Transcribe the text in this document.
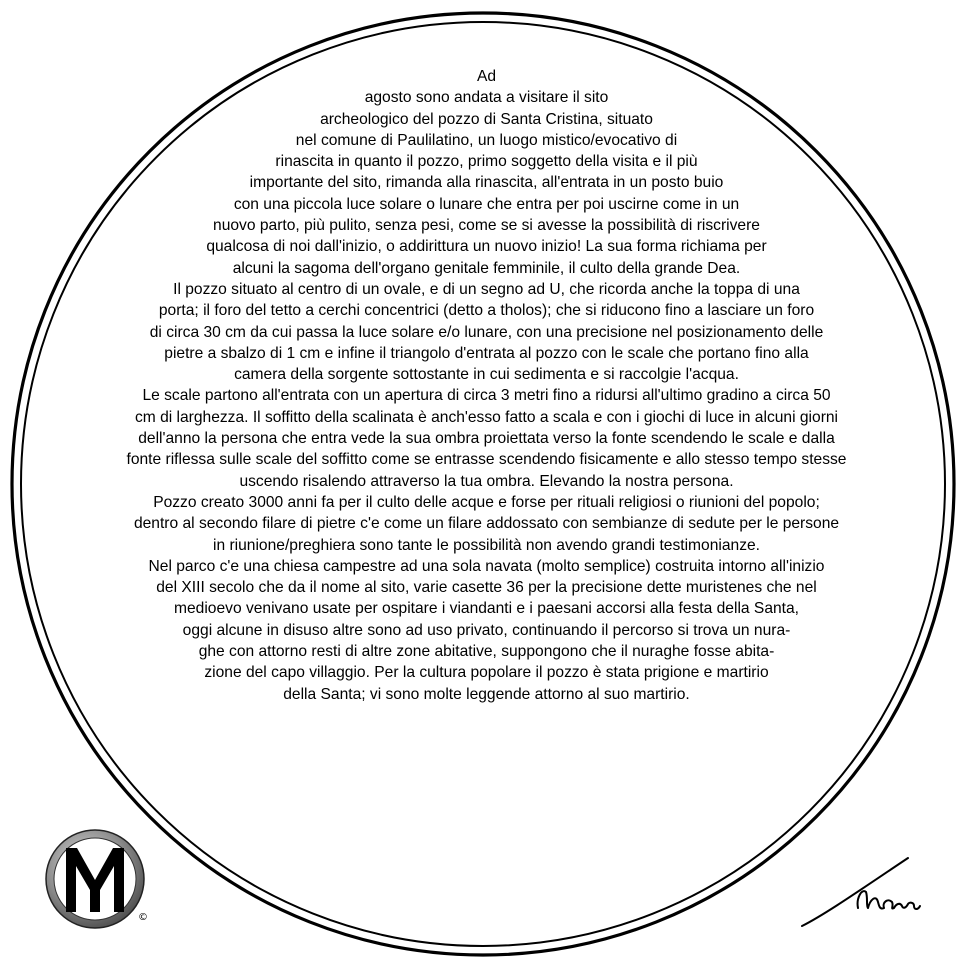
Ad
agosto sono andata a visitare il sito
archeologico del pozzo di Santa Cristina, situato
nel comune di Paulilatino, un luogo mistico/evocativo di
rinascita in quanto il pozzo, primo soggetto della visita e il più
importante del sito, rimanda alla rinascita, all'entrata in un posto buio
con una piccola luce solare o lunare che entra per poi uscirne come in un
nuovo parto, più pulito, senza pesi, come se si avesse la possibilità di riscrivere
qualcosa di noi dall'inizio, o addirittura un nuovo inizio! La sua forma richiama per
alcuni la sagoma dell'organo genitale femminile, il culto della grande Dea.
Il pozzo situato al centro di un ovale, e di un segno ad U, che ricorda anche la toppa di una
porta; il foro del tetto a cerchi concentrici (detto a tholos); che si riducono fino a lasciare un foro
di circa 30 cm da cui passa la luce solare e/o lunare, con una precisione nel posizionamento delle
pietre a sbalzo di 1 cm e infine il triangolo d'entrata al pozzo con le scale che portano fino alla
camera della sorgente sottostante in cui sedimenta e si raccolgie l'acqua.
Le scale partono all'entrata con un apertura di circa 3 metri fino a ridursi all'ultimo gradino a circa 50
cm di larghezza. Il soffitto della scalinata è anch'esso fatto a scala e con i giochi di luce in alcuni giorni
dell'anno la persona che entra vede la sua ombra proiettata verso la fonte scendendo le scale e dalla
fonte riflessa sulle scale del soffitto come se entrasse scendendo fisicamente e allo stesso tempo stesse
uscendo risalendo attraverso la tua ombra. Elevando la nostra persona.
Pozzo creato 3000 anni fa per il culto delle acque e forse per rituali religiosi o riunioni del popolo;
dentro al secondo filare di pietre c'e come un filare addossato con sembianze di sedute per le persone
in riunione/preghiera sono tante le possibilità non avendo grandi testimonianze.
Nel parco c'e una chiesa campestre ad una sola navata (molto semplice) costruita intorno all'inizio
del XIII secolo che da il nome al sito, varie casette 36 per la precisione dette muristenes che nel
medioevo venivano usate per ospitare i viandanti e i paesani accorsi alla festa della Santa,
oggi alcune in disuso altre sono ad uso privato, continuando il percorso si trova un nura-
ghe con attorno resti di altre zone abitative, suppongono che il nuraghe fosse abita-
zione del capo villaggio. Per la cultura popolare il pozzo è stata prigione e martirio
della Santa; vi sono molte leggende attorno al suo martirio.
©
